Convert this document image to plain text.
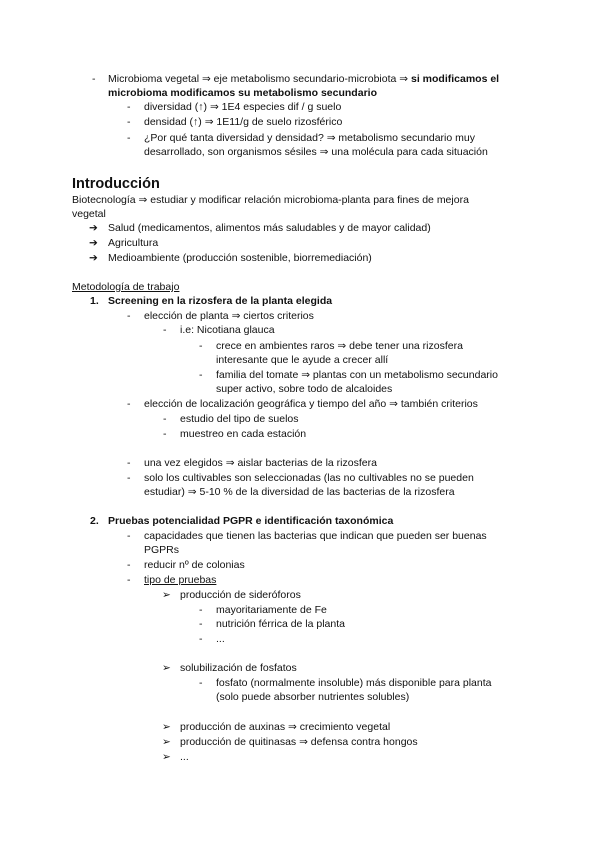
- Microbioma vegetal ⇒ eje metabolismo secundario-microbiota ⇒ si modificamos el
microbioma modificamos su metabolismo secundario
- diversidad (↑) ⇒ 1E4 especies dif / g suelo
- densidad (↑) ⇒ 1E11/g de suelo rizosférico
- ¿Por qué tanta diversidad y densidad? ⇒ metabolismo secundario muy
desarrollado, son organismos sésiles ⇒ una molécula para cada situación
Introducción
Biotecnología ⇒ estudiar y modificar relación microbioma-planta para fines de mejora
vegetal
➔ Salud (medicamentos, alimentos más saludables y de mayor calidad)
➔ Agricultura
➔ Medioambiente (producción sostenible, biorremediación)
Metodología de trabajo
1. Screening en la rizosfera de la planta elegida
- elección de planta ⇒ ciertos criterios
- i.e: Nicotiana glauca
- crece en ambientes raros ⇒ debe tener una rizosfera
interesante que le ayude a crecer allí
- familia del tomate ⇒ plantas con un metabolismo secundario
super activo, sobre todo de alcaloides
- elección de localización geográfica y tiempo del año ⇒ también criterios
- estudio del tipo de suelos
- muestreo en cada estación
- una vez elegidos ⇒ aislar bacterias de la rizosfera
- solo los cultivables son seleccionadas (las no cultivables no se pueden
estudiar) ⇒ 5-10 % de la diversidad de las bacterias de la rizosfera
2. Pruebas potencialidad PGPR e identificación taxonómica
- capacidades que tienen las bacterias que indican que pueden ser buenas
PGPRs
- reducir nº de colonias
- tipo de pruebas
➢ producción de sideróforos
- mayoritariamente de Fe
- nutrición férrica de la planta
- ...
➢ solubilización de fosfatos
- fosfato (normalmente insoluble) más disponible para planta
(solo puede absorber nutrientes solubles)
➢ producción de auxinas ⇒ crecimiento vegetal
➢ producción de quitinasas ⇒ defensa contra hongos
➢ ...
